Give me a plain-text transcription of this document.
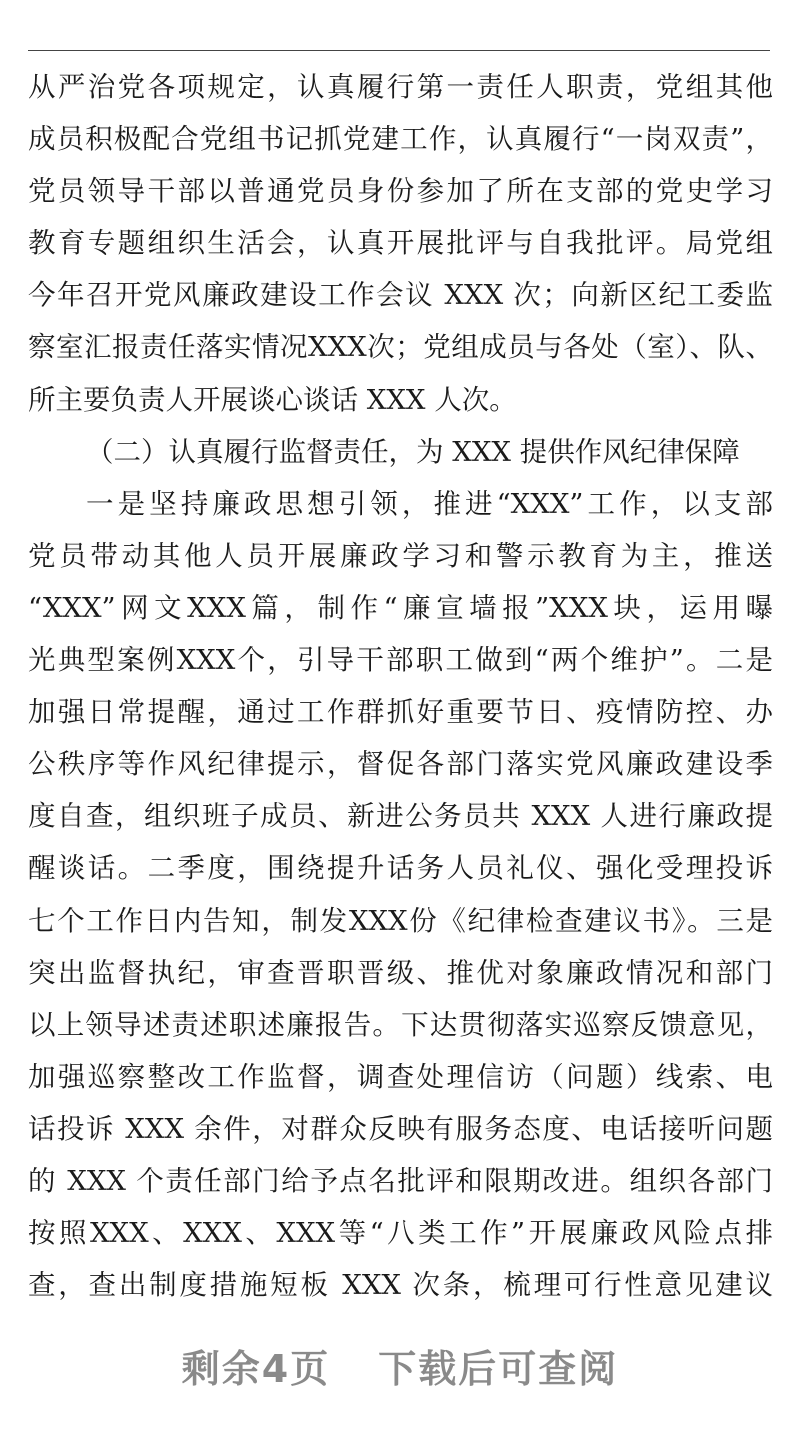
从严治党各项规定，认真履行第一责任人职责，党组其他
成员积极配合党组书记抓党建工作，认真履行“一岗双责”，
党员领导干部以普通党员身份参加了所在支部的党史学习
教育专题组织生活会，认真开展批评与自我批评。局党组
今年召开党风廉政建设工作会议 XXX 次；向新区纪工委监
察室汇报责任落实情况XXX次；党组成员与各处（室）、队、
所主要负责人开展谈心谈话 XXX 人次。
（二）认真履行监督责任，为 XXX 提供作风纪律保障
一是坚持廉政思想引领，推进“XXX”工作，以支部
党员带动其他人员开展廉政学习和警示教育为主，推送
“XXX”网文XXX篇，制作“廉宣墙报”XXX块，运用曝
光典型案例XXX个，引导干部职工做到“两个维护”。二是
加强日常提醒，通过工作群抓好重要节日、疫情防控、办
公秩序等作风纪律提示，督促各部门落实党风廉政建设季
度自查，组织班子成员、新进公务员共 XXX 人进行廉政提
醒谈话。二季度，围绕提升话务人员礼仪、强化受理投诉
七个工作日内告知，制发XXX份《纪律检查建议书》。三是
突出监督执纪，审查晋职晋级、推优对象廉政情况和部门
以上领导述责述职述廉报告。下达贯彻落实巡察反馈意见，
加强巡察整改工作监督，调查处理信访（问题）线索、电
话投诉 XXX 余件，对群众反映有服务态度、电话接听问题
的 XXX 个责任部门给予点名批评和限期改进。组织各部门
按照XXX、XXX、XXX等“八类工作”开展廉政风险点排
查，查出制度措施短板 XXX 次条，梳理可行性意见建议
剩余4页 下载后可查阅
